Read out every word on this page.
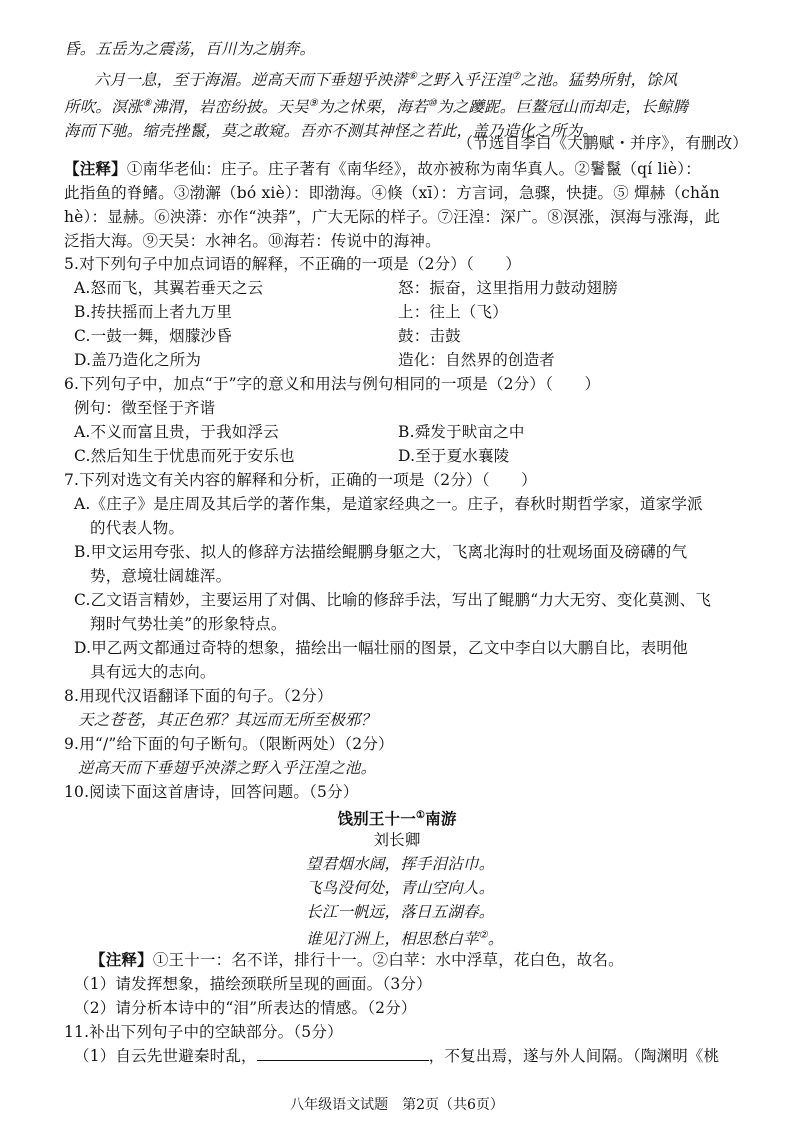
昏。五岳为之震荡，百川为之崩奔。
六月一息，至于海湄。逆高天而下垂翅乎泱漭⑥之野入乎汪湟⑦之池。猛势所射，馀风
所吹。溟涨⑧沸渭，岩峦纷披。天吴⑨为之怵栗，海若⑩为之躨跜。巨鳌冠山而却走，长鲸腾
海而下驰。缩壳挫鬣，莫之敢窥。吾亦不测其神怪之若此，盖乃造化之所为。
（节选自李白《大鹏赋・并序》，有删改）
【注释】①南华老仙：庄子。庄子著有《南华经》，故亦被称为南华真人。②鬐鬣（qí liè）：
此指鱼的脊鳍。③渤澥（bó xiè）：即渤海。④倏（xī）：方言词，急骤，快捷。⑤ 燀赫（chǎn
hè）：显赫。⑥泱漭：亦作“泱莽”，广大无际的样子。⑦汪湟：深广。⑧溟涨，溟海与涨海，此
泛指大海。⑨天吴：水神名。⑩海若：传说中的海神。
5.对下列句子中加点词语的解释，不正确的一项是（2分）（　　）
A.怒而飞，其翼若垂天之云	怒：振奋，这里指用力鼓动翅膀
B.抟扶摇而上者九万里	上：往上（飞）
C.一鼓一舞，烟朦沙昏	鼓：击鼓
D.盖乃造化之所为	造化：自然界的创造者
6.下列句子中，加点“于”字的意义和用法与例句相同的一项是（2分）（　　）
例句：徵至怪于齐谐
A.不义而富且贵，于我如浮云	B.舜发于畎亩之中
C.然后知生于忧患而死于安乐也	D.至于夏水襄陵
7.下列对选文有关内容的解释和分析，正确的一项是（2分）（　　）
A.《庄子》是庄周及其后学的著作集，是道家经典之一。庄子，春秋时期哲学家，道家学派
的代表人物。
B.甲文运用夸张、拟人的修辞方法描绘鲲鹏身躯之大，飞离北海时的壮观场面及磅礴的气
势，意境壮阔雄浑。
C.乙文语言精妙，主要运用了对偶、比喻的修辞手法，写出了鲲鹏“力大无穷、变化莫测、飞
翔时气势壮美”的形象特点。
D.甲乙两文都通过奇特的想象，描绘出一幅壮丽的图景，乙文中李白以大鹏自比，表明他
具有远大的志向。
8.用现代汉语翻译下面的句子。（2分）
天之苍苍，其正色邪？其远而无所至极邪？
9.用“/”给下面的句子断句。（限断两处）（2分）
逆高天而下垂翅乎泱漭之野入乎汪湟之池。
10.阅读下面这首唐诗，回答问题。（5分）
饯别王十一①南游
刘长卿
望君烟水阔，挥手泪沾巾。
飞鸟没何处，青山空向人。
长江一帆远，落日五湖春。
谁见汀洲上，相思愁白苹②。
【注释】①王十一：名不详，排行十一。②白苹：水中浮草，花白色，故名。
（1）请发挥想象，描绘颈联所呈现的画面。（3分）
（2）请分析本诗中的“泪”所表达的情感。（2分）
11.补出下列句子中的空缺部分。（5分）
（1）自云先世避秦时乱，	，不复出焉，遂与外人间隔。（陶渊明《桃
八年级语文试题　第2页（共6页）
